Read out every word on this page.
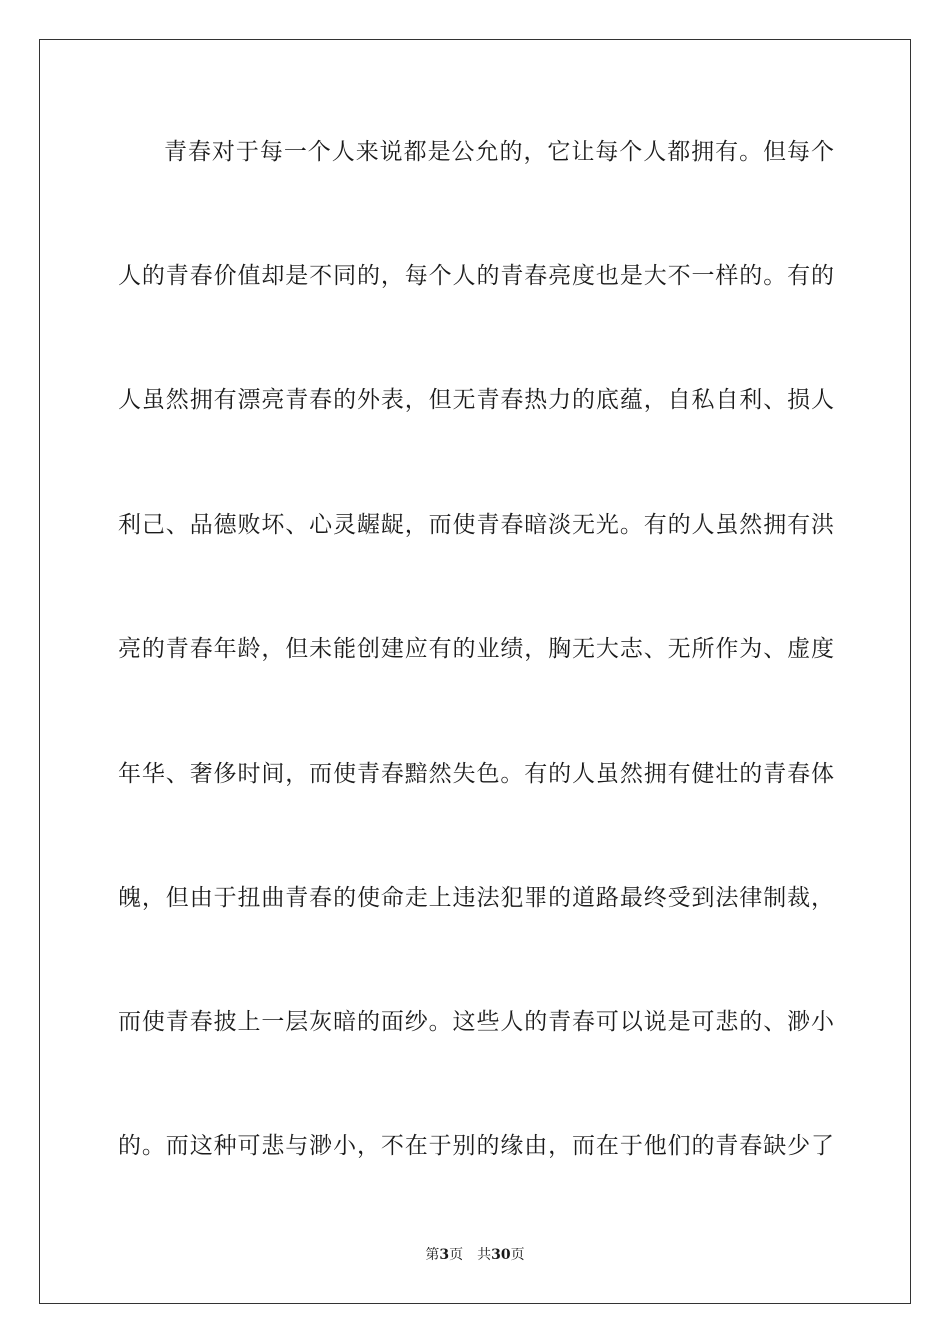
青春对于每一个人来说都是公允的，它让每个人都拥有。但每个
人的青春价值却是不同的，每个人的青春亮度也是大不一样的。有的
人虽然拥有漂亮青春的外表，但无青春热力的底蕴，自私自利、损人
利己、品德败坏、心灵龌龊，而使青春暗淡无光。有的人虽然拥有洪
亮的青春年龄，但未能创建应有的业绩，胸无大志、无所作为、虚度
年华、奢侈时间，而使青春黯然失色。有的人虽然拥有健壮的青春体
魄，但由于扭曲青春的使命走上违法犯罪的道路最终受到法律制裁，
而使青春披上一层灰暗的面纱。这些人的青春可以说是可悲的、渺小
的。而这种可悲与渺小，不在于别的缘由，而在于他们的青春缺少了
第3页 共30页
